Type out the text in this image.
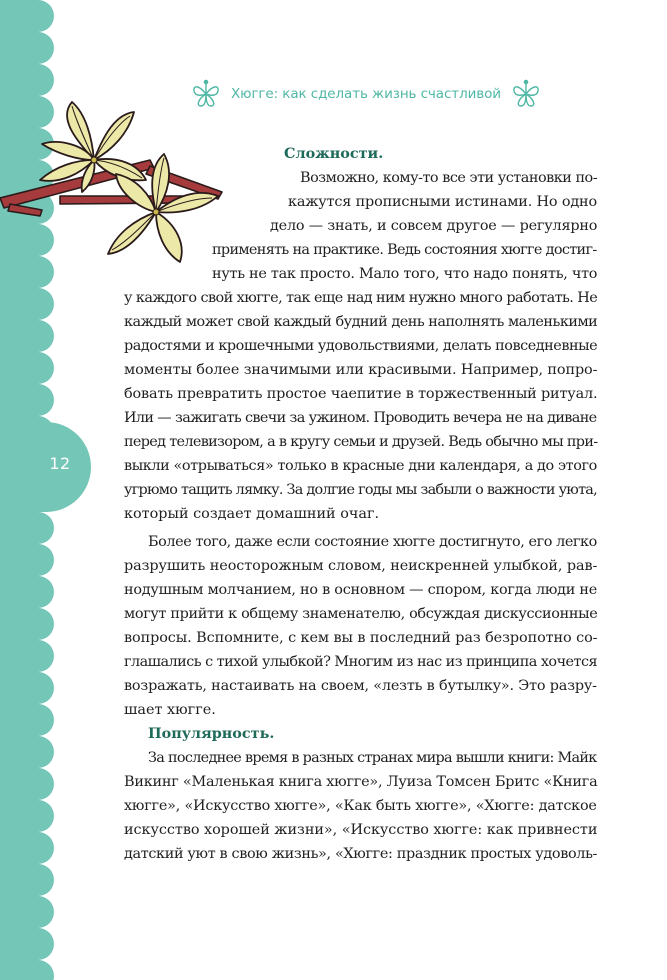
12
Хюгге: как сделать жизнь счастливой
Сложности.
Возможно, кому-то все эти установки по-
кажутся прописными истинами. Но одно
дело — знать, и совсем другое — регулярно
применять на практике. Ведь состояния хюгге достиг-
нуть не так просто. Мало того, что надо понять, что
у каждого свой хюгге, так еще над ним нужно много работать. Не
каждый может свой каждый будний день наполнять маленькими
радостями и крошечными удовольствиями, делать повседневные
моменты более значимыми или красивыми. Например, попро-
бовать превратить простое чаепитие в торжественный ритуал.
Или — зажигать свечи за ужином. Проводить вечера не на диване
перед телевизором, а в кругу семьи и друзей. Ведь обычно мы при-
выкли «отрываться» только в красные дни календаря, а до этого
угрюмо тащить лямку. За долгие годы мы забыли о важности уюта,
который создает домашний очаг.
Более того, даже если состояние хюгге достигнуто, его легко
разрушить неосторожным словом, неискренней улыбкой, рав-
нодушным молчанием, но в основном — спором, когда люди не
могут прийти к общему знаменателю, обсуждая дискуссионные
вопросы. Вспомните, с кем вы в последний раз безропотно со-
глашались с тихой улыбкой? Многим из нас из принципа хочется
возражать, настаивать на своем, «лезть в бутылку». Это разру-
шает хюгге.
Популярность.
За последнее время в разных странах мира вышли книги: Майк
Викинг «Маленькая книга хюгге», Луиза Томсен Бритс «Книга
хюгге», «Искусство хюгге», «Как быть хюгге», «Хюгге: датское
искусство хорошей жизни», «Искусство хюгге: как привнести
датский уют в свою жизнь», «Хюгге: праздник простых удоволь-
